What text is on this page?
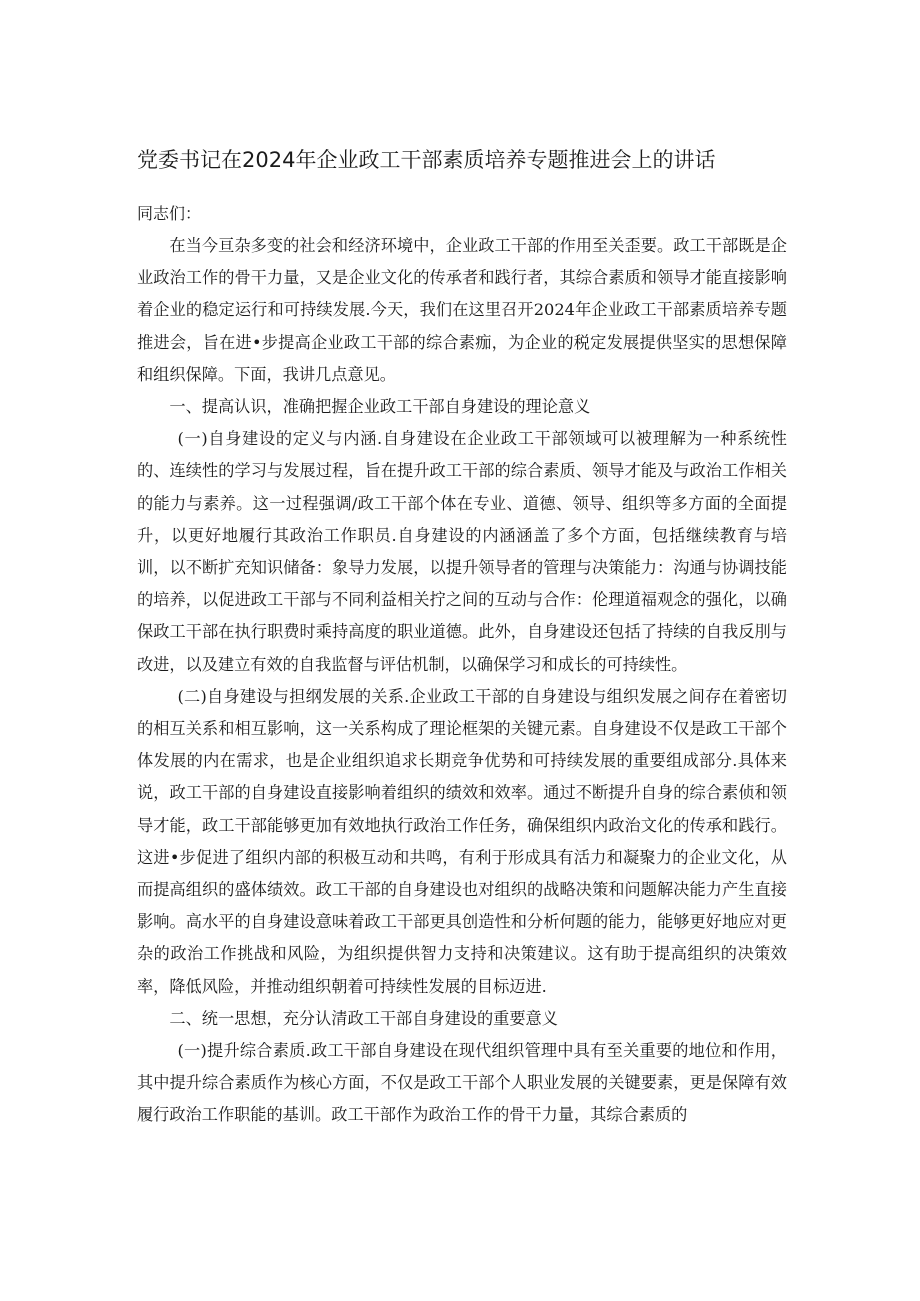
党委书记在2024年企业政工干部素质培养专题推进会上的讲话

同志们：

在当今亘杂多变的社会和经济环境中，企业政工干部的作用至关歪要。政工干部既是企业政治工作的骨干力量，又是企业文化的传承者和践行者，其综合素质和领导才能直接影响着企业的稳定运行和可持续发展.今天，我们在这里召开2024年企业政工干部素质培养专题推进会，旨在进•步提高企业政工干部的综合素痂，为企业的税定发展提供坚实的思想保障和组织保障。下面，我讲几点意见。

一、提高认识，准确把握企业政工干部自身建设的理论意义

(一)自身建设的定义与内涵.自身建设在企业政工干部领域可以被理解为一种系统性的、连续性的学习与发展过程，旨在提升政工干部的综合素质、领导才能及与政治工作相关的能力与素养。这一过程强调/政工干部个体在专业、道德、领导、组织等多方面的全面提升，以更好地履行其政治工作职员.自身建设的内涵涵盖了多个方面，包括继续教育与培训，以不断扩充知识储备：象导力发展，以提升领导者的管理与决策能力：沟通与协调技能的培养，以促进政工干部与不同利益相关拧之间的互动与合作：伦理道福观念的强化，以确保政工干部在执行职费时乘持高度的职业道德。此外，自身建设还包括了持续的自我反刖与改进，以及建立有效的自我监督与评估机制，以确保学习和成长的可持续性。

(二)自身建设与担纲发展的关系.企业政工干部的自身建设与组织发展之间存在着密切的相互关系和相互影响，这一关系构成了理论框架的关键元素。自身建设不仅是政工干部个体发展的内在需求，也是企业组织追求长期竞争优势和可持续发展的重要组成部分.具体来说，政工干部的自身建设直接影响着组织的绩效和效率。通过不断提升自身的综合素侦和领导才能，政工干部能够更加有效地执行政治工作任务，确保组织内政治文化的传承和践行。这进•步促进了组织内部的积极互动和共鸣，有利于形成具有活力和凝聚力的企业文化，从而提高组织的盛体绩效。政工干部的自身建设也对组织的战略决策和问题解决能力产生直接影响。高水平的自身建设意味着政工干部更具创造性和分析何题的能力，能够更好地应对更杂的政治工作挑战和风险，为组织提供智力支持和决策建议。这有助于提高组织的决策效率，降低风险，并推动组织朝着可持续性发展的目标迈进.

二、统一思想，充分认清政工干部自身建设的重要意义

(一)提升综合素质.政工干部自身建设在现代组织管理中具有至关重要的地位和作用，其中提升综合素质作为核心方面，不仅是政工干部个人职业发展的关键要素，更是保障有效履行政治工作职能的基训。政工干部作为政治工作的骨干力量，其综合素质的
